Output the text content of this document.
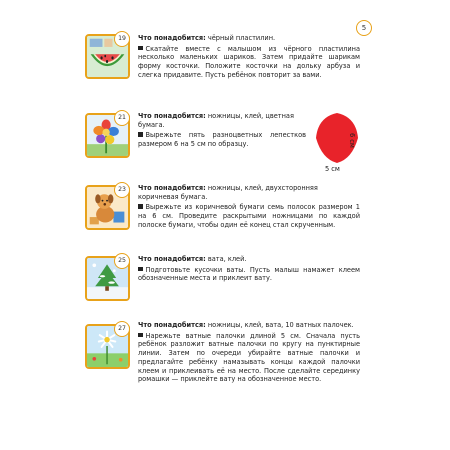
5
19	Что понадобится: чёрный пластилин.
Скатайте вместе с малышом из чёрного пластилина несколько маленьких шариков. Затем придайте шарикам форму косточки. Положите косточки на дольку арбуза и слегка придавите. Пусть ребёнок повторит за вами.
21	Что понадобится: ножницы, клей, цветная бумага.
Вырежьте пять разноцветных лепестков размером 6 на 5 см по образцу.
5 см
6 см
23	Что понадобится: ножницы, клей, двухсторонняя коричневая бумага.
Вырежьте из коричневой бумаги семь полосок размером 1 на 6 см. Проведите раскрытыми ножницами по каждой полоске бумаги, чтобы один её конец стал скрученным.
25	Что понадобится: вата, клей.
Подготовьте кусочки ваты. Пусть малыш намажет клеем обозначенные места и приклеит вату.
27	Что понадобится: ножницы, клей, вата, 10 ватных палочек.
Нарежьте ватные палочки длиной 5 см. Сначала пусть ребёнок разложит ватные палочки по кругу на пунктирные линии. Затем по очереди убирайте ватные палочки и предлагайте ребёнку намазывать концы каждой палочки клеем и приклеивать её на место. После сделайте серединку ромашки — приклейте вату на обозначенное место.
